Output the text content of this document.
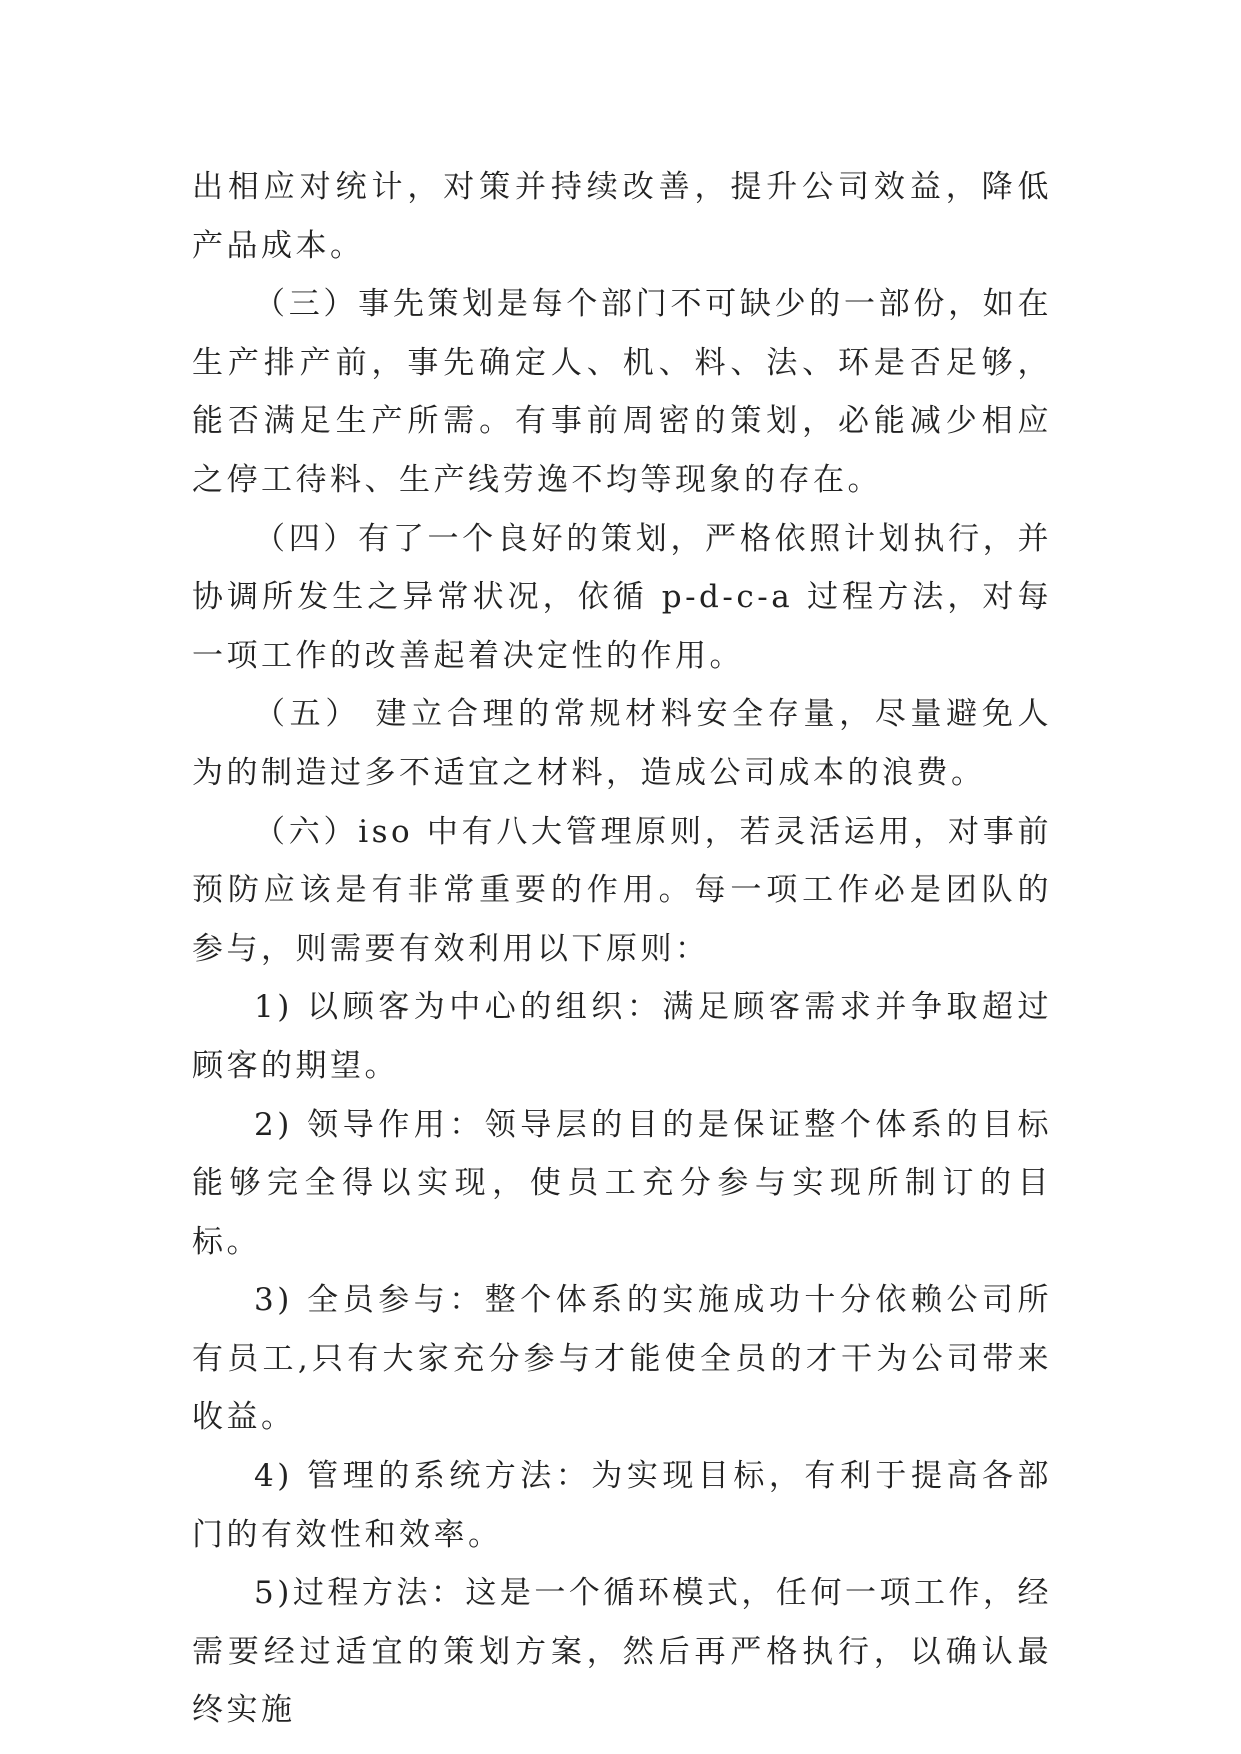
出相应对统计，对策并持续改善，提升公司效益，降低产品成本。

（三）事先策划是每个部门不可缺少的一部份，如在生产排产前，事先确定人、机、料、法、环是否足够，能否满足生产所需。有事前周密的策划，必能减少相应之停工待料、生产线劳逸不均等现象的存在。

（四）有了一个良好的策划，严格依照计划执行，并协调所发生之异常状况，依循 p-d-c-a 过程方法，对每一项工作的改善起着决定性的作用。

（五） 建立合理的常规材料安全存量，尽量避免人为的制造过多不适宜之材料，造成公司成本的浪费。

（六）iso 中有八大管理原则，若灵活运用，对事前预防应该是有非常重要的作用。每一项工作必是团队的参与，则需要有效利用以下原则：

1) 以顾客为中心的组织：满足顾客需求并争取超过顾客的期望。

2) 领导作用：领导层的目的是保证整个体系的目标能够完全得以实现，使员工充分参与实现所制订的目标。

3) 全员参与：整个体系的实施成功十分依赖公司所有员工,只有大家充分参与才能使全员的才干为公司带来收益。

4) 管理的系统方法：为实现目标，有利于提高各部门的有效性和效率。

5)过程方法：这是一个循环模式，任何一项工作，经需要经过适宜的策划方案，然后再严格执行，以确认最终实施
